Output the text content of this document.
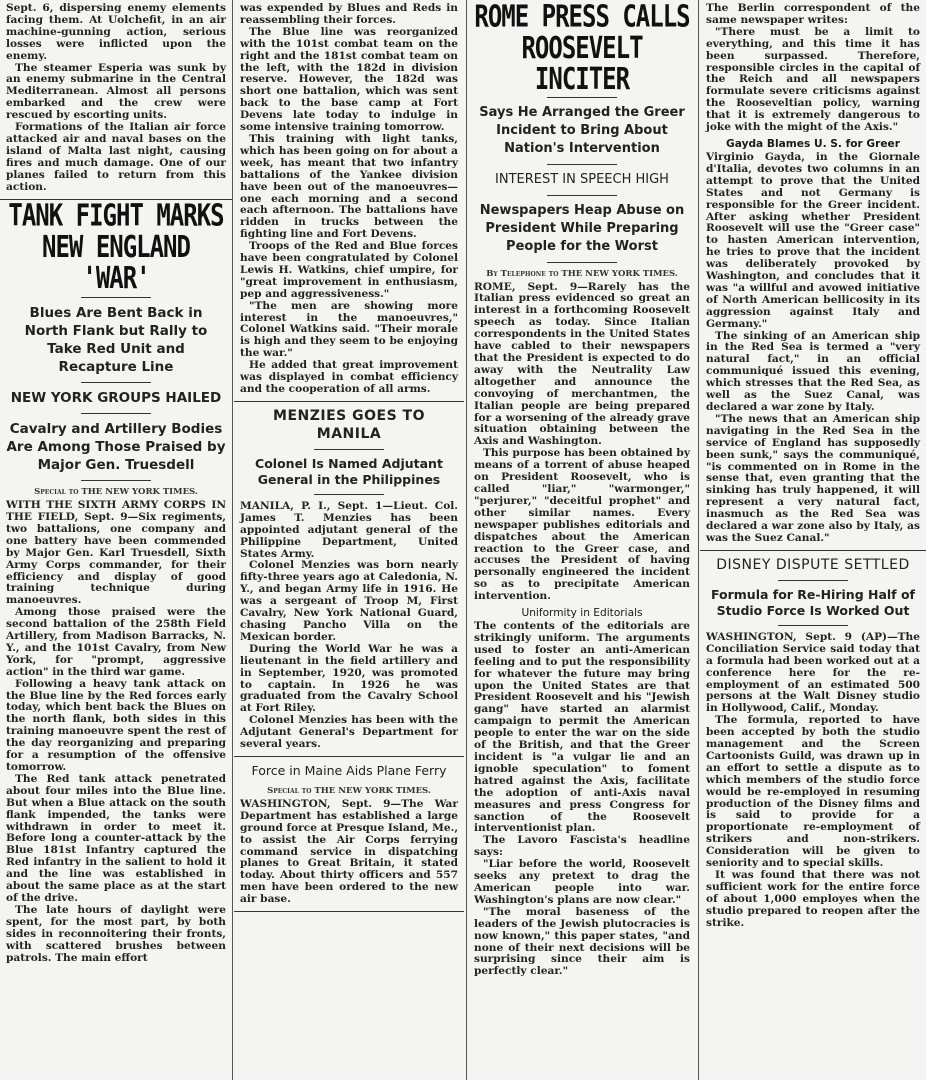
Sept. 6, dispersing enemy elements facing them. At Uolchefit, in an air machine-gunning action, serious losses were inflicted upon the enemy.

The steamer Esperia was sunk by an enemy submarine in the Central Mediterranean. Almost all persons embarked and the crew were rescued by escorting units.

Formations of the Italian air force attacked air and naval bases on the island of Malta last night, causing fires and much damage. One of our planes failed to return from this action.

TANK FIGHT MARKS NEW ENGLAND 'WAR'
Blues Are Bent Back in North Flank but Rally to Take Red Unit and Recapture Line
NEW YORK GROUPS HAILED
Cavalry and Artillery Bodies Are Among Those Praised by Major Gen. Truesdell
Special to THE NEW YORK TIMES.

WITH THE SIXTH ARMY CORPS IN THE FIELD, Sept. 9—Six regiments, two battalions, one company and one battery have been commended by Major Gen. Karl Truesdell, Sixth Army Corps commander, for their efficiency and display of good training technique during manoeuvres.

Among those praised were the second battalion of the 258th Field Artillery, from Madison Barracks, N. Y., and the 101st Cavalry, from New York, for "prompt, aggressive action" in the third war game.

Following a heavy tank attack on the Blue line by the Red forces early today, which bent back the Blues on the north flank, both sides in this training manoeuvre spent the rest of the day reorganizing and preparing for a resumption of the offensive tomorrow.

The Red tank attack penetrated about four miles into the Blue line. But when a Blue attack on the south flank impended, the tanks were withdrawn in order to meet it. Before long a counter-attack by the Blue 181st Infantry captured the Red infantry in the salient to hold it and the line was established in about the same place as at the start of the drive.

The late hours of daylight were spent, for the most part, by both sides in reconnoitering their fronts, with scattered brushes between patrols. The main effort

was expended by Blues and Reds in reassembling their forces.

The Blue line was reorganized with the 101st combat team on the right and the 181st combat team on the left, with the 182d in division reserve. However, the 182d was short one battalion, which was sent back to the base camp at Fort Devens late today to indulge in some intensive training tomorrow.

This training with light tanks, which has been going on for about a week, has meant that two infantry battalions of the Yankee division have been out of the manoeuvres—one each morning and a second each afternoon. The battalions have ridden in trucks between the fighting line and Fort Devens.

Troops of the Red and Blue forces have been congratulated by Colonel Lewis H. Watkins, chief umpire, for "great improvement in enthusiasm, pep and aggressiveness."

"The men are showing more interest in the manoeuvres," Colonel Watkins said. "Their morale is high and they seem to be enjoying the war."

He added that great improvement was displayed in combat efficiency and the cooperation of all arms.

MENZIES GOES TO MANILA
Colonel Is Named Adjutant General in the Philippines

MANILA, P. I., Sept. 1—Lieut. Col. James T. Menzies has been appointed adjutant general of the Philippine Department, United States Army.

Colonel Menzies was born nearly fifty-three years ago at Caledonia, N. Y., and began Army life in 1916. He was a sergeant of Troop M, First Cavalry, New York National Guard, chasing Pancho Villa on the Mexican border.

During the World War he was a lieutenant in the field artillery and in September, 1920, was promoted to captain. In 1926 he was graduated from the Cavalry School at Fort Riley.

Colonel Menzies has been with the Adjutant General's Department for several years.

Force in Maine Aids Plane Ferry
Special to THE NEW YORK TIMES.

WASHINGTON, Sept. 9—The War Department has established a large ground force at Presque Island, Me., to assist the Air Corps ferrying command service in dispatching planes to Great Britain, it stated today. About thirty officers and 557 men have been ordered to the new air base.

ROME PRESS CALLS ROOSEVELT INCITER
Says He Arranged the Greer Incident to Bring About Nation's Intervention
INTEREST IN SPEECH HIGH
Newspapers Heap Abuse on President While Preparing People for the Worst
By Telephone to THE NEW YORK TIMES.

ROME, Sept. 9—Rarely has the Italian press evidenced so great an interest in a forthcoming Roosevelt speech as today. Since Italian correspondents in the United States have cabled to their newspapers that the President is expected to do away with the Neutrality Law altogether and announce the convoying of merchantmen, the Italian people are being prepared for a worsening of the already grave situation obtaining between the Axis and Washington.

This purpose has been obtained by means of a torrent of abuse heaped on President Roosevelt, who is called "liar," "warmonger," "perjurer," "deceitful prophet" and other similar names. Every newspaper publishes editorials and dispatches about the American reaction to the Greer case, and accuses the President of having personally engineered the incident so as to precipitate American intervention.

Uniformity in Editorials

The contents of the editorials are strikingly uniform. The arguments used to foster an anti-American feeling and to put the responsibility for whatever the future may bring upon the United States are that President Roosevelt and his "Jewish gang" have started an alarmist campaign to permit the American people to enter the war on the side of the British, and that the Greer incident is "a vulgar lie and an ignoble speculation" to foment hatred against the Axis, facilitate the adoption of anti-Axis naval measures and press Congress for sanction of the Roosevelt interventionist plan.

The Lavoro Fascista's headline says:

"Liar before the world, Roosevelt seeks any pretext to drag the American people into war. Washington's plans are now clear."

"The moral baseness of the leaders of the Jewish plutocracies is now known," this paper states, "and none of their next decisions will be surprising since their aim is perfectly clear."

The Berlin correspondent of the same newspaper writes:

"There must be a limit to everything, and this time it has been surpassed. Therefore, responsible circles in the capital of the Reich and all newspapers formulate severe criticisms against the Rooseveltian policy, warning that it is extremely dangerous to joke with the might of the Axis."

Gayda Blames U. S. for Greer

Virginio Gayda, in the Giornale d'Italia, devotes two columns in an attempt to prove that the United States and not Germany is responsible for the Greer incident. After asking whether President Roosevelt will use the "Greer case" to hasten American intervention, he tries to prove that the incident was deliberately provoked by Washington, and concludes that it was "a willful and avowed initiative of North American bellicosity in its aggression against Italy and Germany."

The sinking of an American ship in the Red Sea is termed a "very natural fact," in an official communiqué issued this evening, which stresses that the Red Sea, as well as the Suez Canal, was declared a war zone by Italy.

"The news that an American ship navigating in the Red Sea in the service of England has supposedly been sunk," says the communiqué, "is commented on in Rome in the sense that, even granting that the sinking has truly happened, it will represent a very natural fact, inasmuch as the Red Sea was declared a war zone also by Italy, as was the Suez Canal."

DISNEY DISPUTE SETTLED
Formula for Re-Hiring Half of Studio Force Is Worked Out

WASHINGTON, Sept. 9 (AP)—The Conciliation Service said today that a formula had been worked out at a conference here for the re-employment of an estimated 500 persons at the Walt Disney studio in Hollywood, Calif., Monday.

The formula, reported to have been accepted by both the studio management and the Screen Cartoonists Guild, was drawn up in an effort to settle a dispute as to which members of the studio force would be re-employed in resuming production of the Disney films and is said to provide for a proportionate re-employment of strikers and non-strikers. Consideration will be given to seniority and to special skills.

It was found that there was not sufficient work for the entire force of about 1,000 employes when the studio prepared to reopen after the strike.
